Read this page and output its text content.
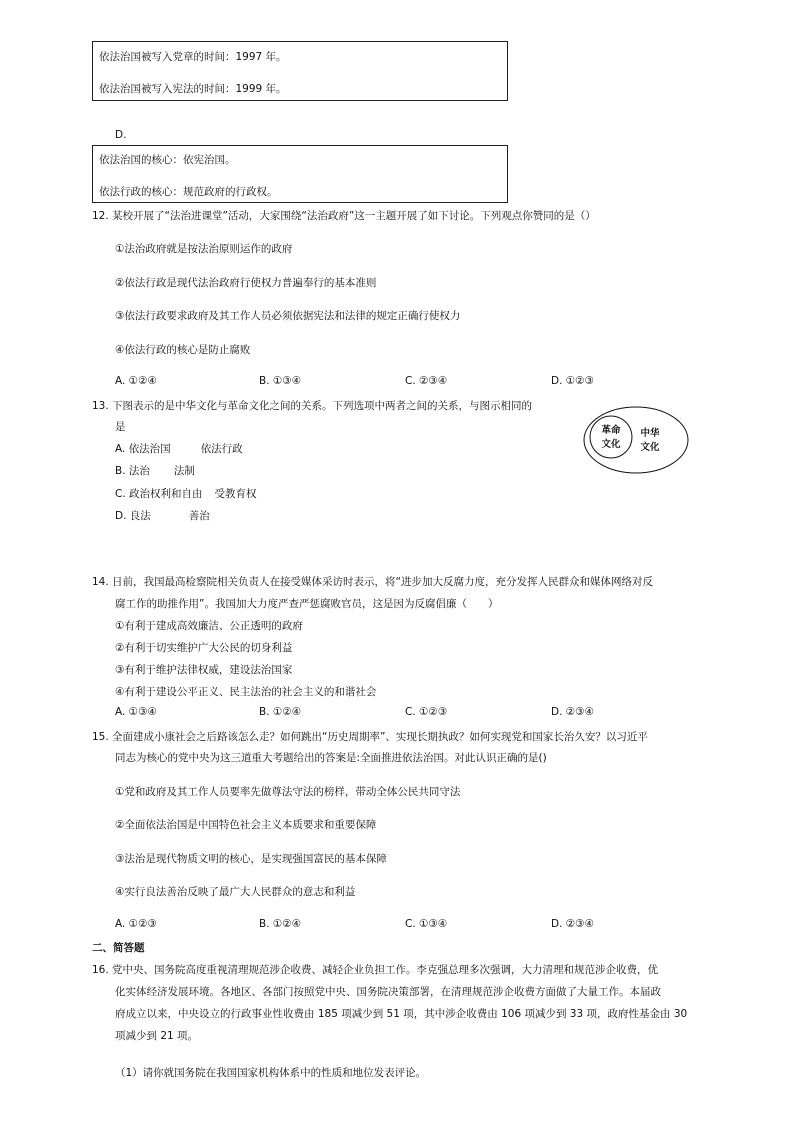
依法治国被写入党章的时间：1997 年。
依法治国被写入宪法的时间：1999 年。
D.
依法治国的核心：依宪治国。
依法行政的核心：规范政府的行政权。
12. 某校开展了“法治进课堂”活动，大家围绕“法治政府”这一主题开展了如下讨论。下列观点你赞同的是（）
①法治政府就是按法治原则运作的政府
②依法行政是现代法治政府行使权力普遍奉行的基本准则
③依法行政要求政府及其工作人员必须依据宪法和法律的规定正确行使权力
④依法行政的核心是防止腐败
A. ①②④	B. ①③④	C. ②③④	D. ①②③
13. 下图表示的是中华文化与革命文化之间的关系。下列选项中两者之间的关系，与图示相同的
是
A. 依法治国	依法行政
B. 法治 法制
C. 政治权利和自由 受教育权
D. 良法	善治
革命
文化
中华
文化
14. 日前，我国最高检察院相关负责人在接受媒体采访时表示，将“进步加大反腐力度，充分发挥人民群众和媒体网络对反
腐工作的助推作用”。我国加大力度严查严惩腐败官员，这是因为反腐倡廉（　　）
①有利于建成高效廉洁、公正透明的政府
②有利于切实维护广大公民的切身利益
③有利于维护法律权威，建设法治国家
④有利于建设公平正义、民主法治的社会主义的和谐社会
A. ①③④	B. ①②④	C. ①②③	D. ②③④
15. 全面建成小康社会之后路该怎么走？如何跳出“历史周期率”、实现长期执政？如何实现党和国家长治久安？以习近平
同志为核心的党中央为这三道重大考题给出的答案是:全面推进依法治国。对此认识正确的是()
①党和政府及其工作人员要率先做尊法守法的榜样，带动全体公民共同守法
②全面依法治国是中国特色社会主义本质要求和重要保障
③法治是现代物质文明的核心，是实现强国富民的基本保障
④实行良法善治反映了最广大人民群众的意志和利益
A. ①②③	B. ①②④	C. ①③④	D. ②③④
二、简答题
16. 党中央、国务院高度重视清理规范涉企收费、减轻企业负担工作。李克强总理多次强调，大力清理和规范涉企收费，优
化实体经济发展环境。各地区、各部门按照党中央、国务院决策部署，在清理规范涉企收费方面做了大量工作。本届政
府成立以来，中央设立的行政事业性收费由 185 项减少到 51 项，其中涉企收费由 106 项减少到 33 项，政府性基金由 30
项减少到 21 项。
（1）请你就国务院在我国国家机构体系中的性质和地位发表评论。
